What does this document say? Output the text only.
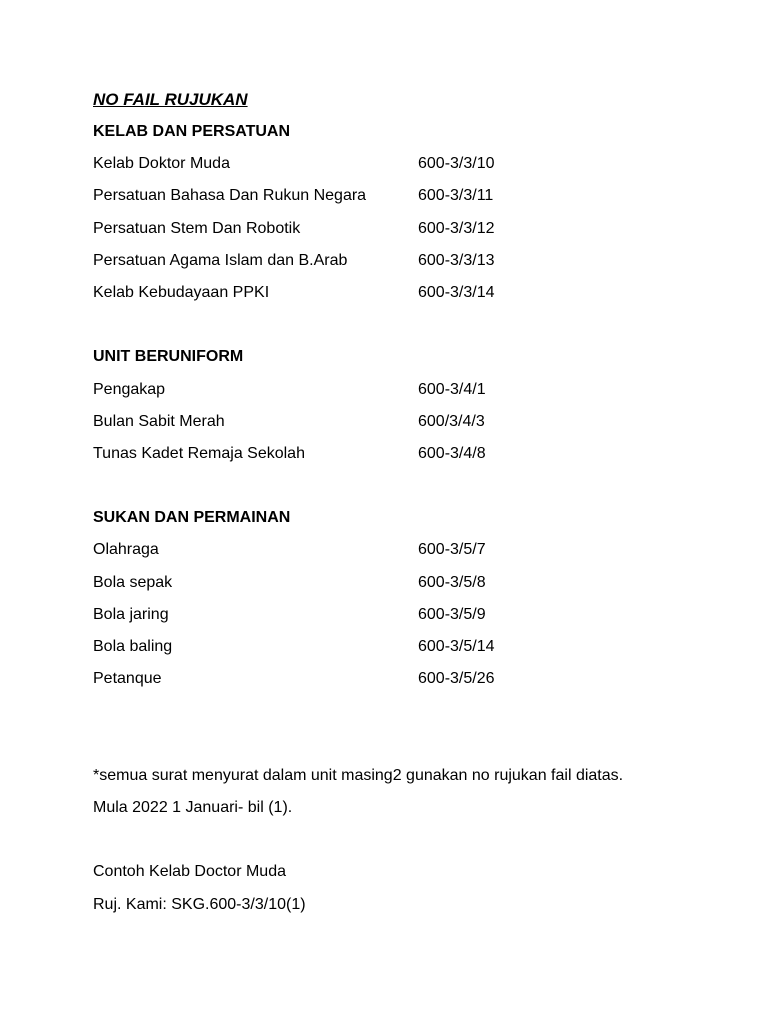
NO FAIL RUJUKAN
KELAB DAN PERSATUAN
Kelab Doktor Muda	600-3/3/10
Persatuan Bahasa Dan Rukun Negara	600-3/3/11
Persatuan Stem Dan Robotik	600-3/3/12
Persatuan Agama Islam dan B.Arab	600-3/3/13
Kelab Kebudayaan PPKI	600-3/3/14
UNIT BERUNIFORM
Pengakap	600-3/4/1
Bulan Sabit Merah	600/3/4/3
Tunas Kadet Remaja Sekolah	600-3/4/8
SUKAN DAN PERMAINAN
Olahraga	600-3/5/7
Bola sepak	600-3/5/8
Bola jaring	600-3/5/9
Bola baling	600-3/5/14
Petanque	600-3/5/26
*semua surat menyurat dalam unit masing2 gunakan no rujukan fail diatas.
Mula 2022 1 Januari- bil (1).
Contoh Kelab Doctor Muda
Ruj. Kami: SKG.600-3/3/10(1)
